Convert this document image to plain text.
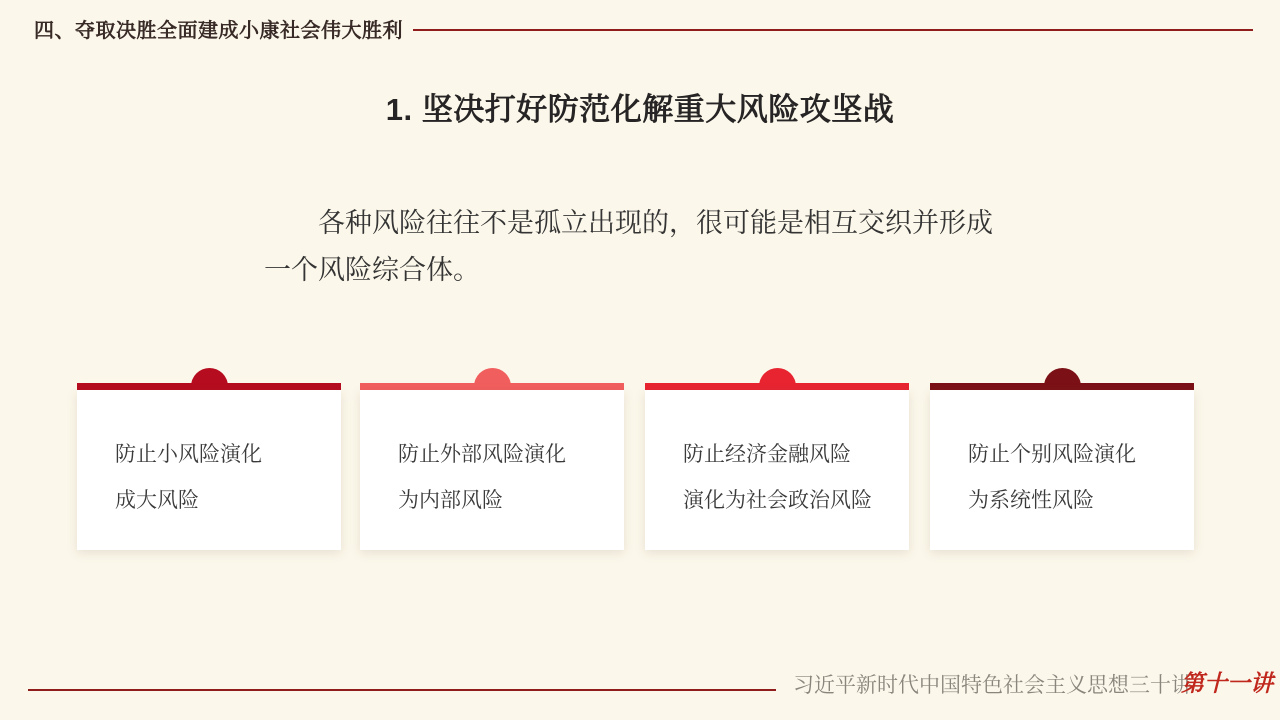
四、夺取决胜全面建成小康社会伟大胜利
1. 坚决打好防范化解重大风险攻坚战
各种风险往往不是孤立出现的，很可能是相互交织并形成
一个风险综合体。
防止小风险演化
成大风险
防止外部风险演化
为内部风险
防止经济金融风险
演化为社会政治风险
防止个别风险演化
为系统性风险
习近平新时代中国特色社会主义思想三十讲
第十一讲
